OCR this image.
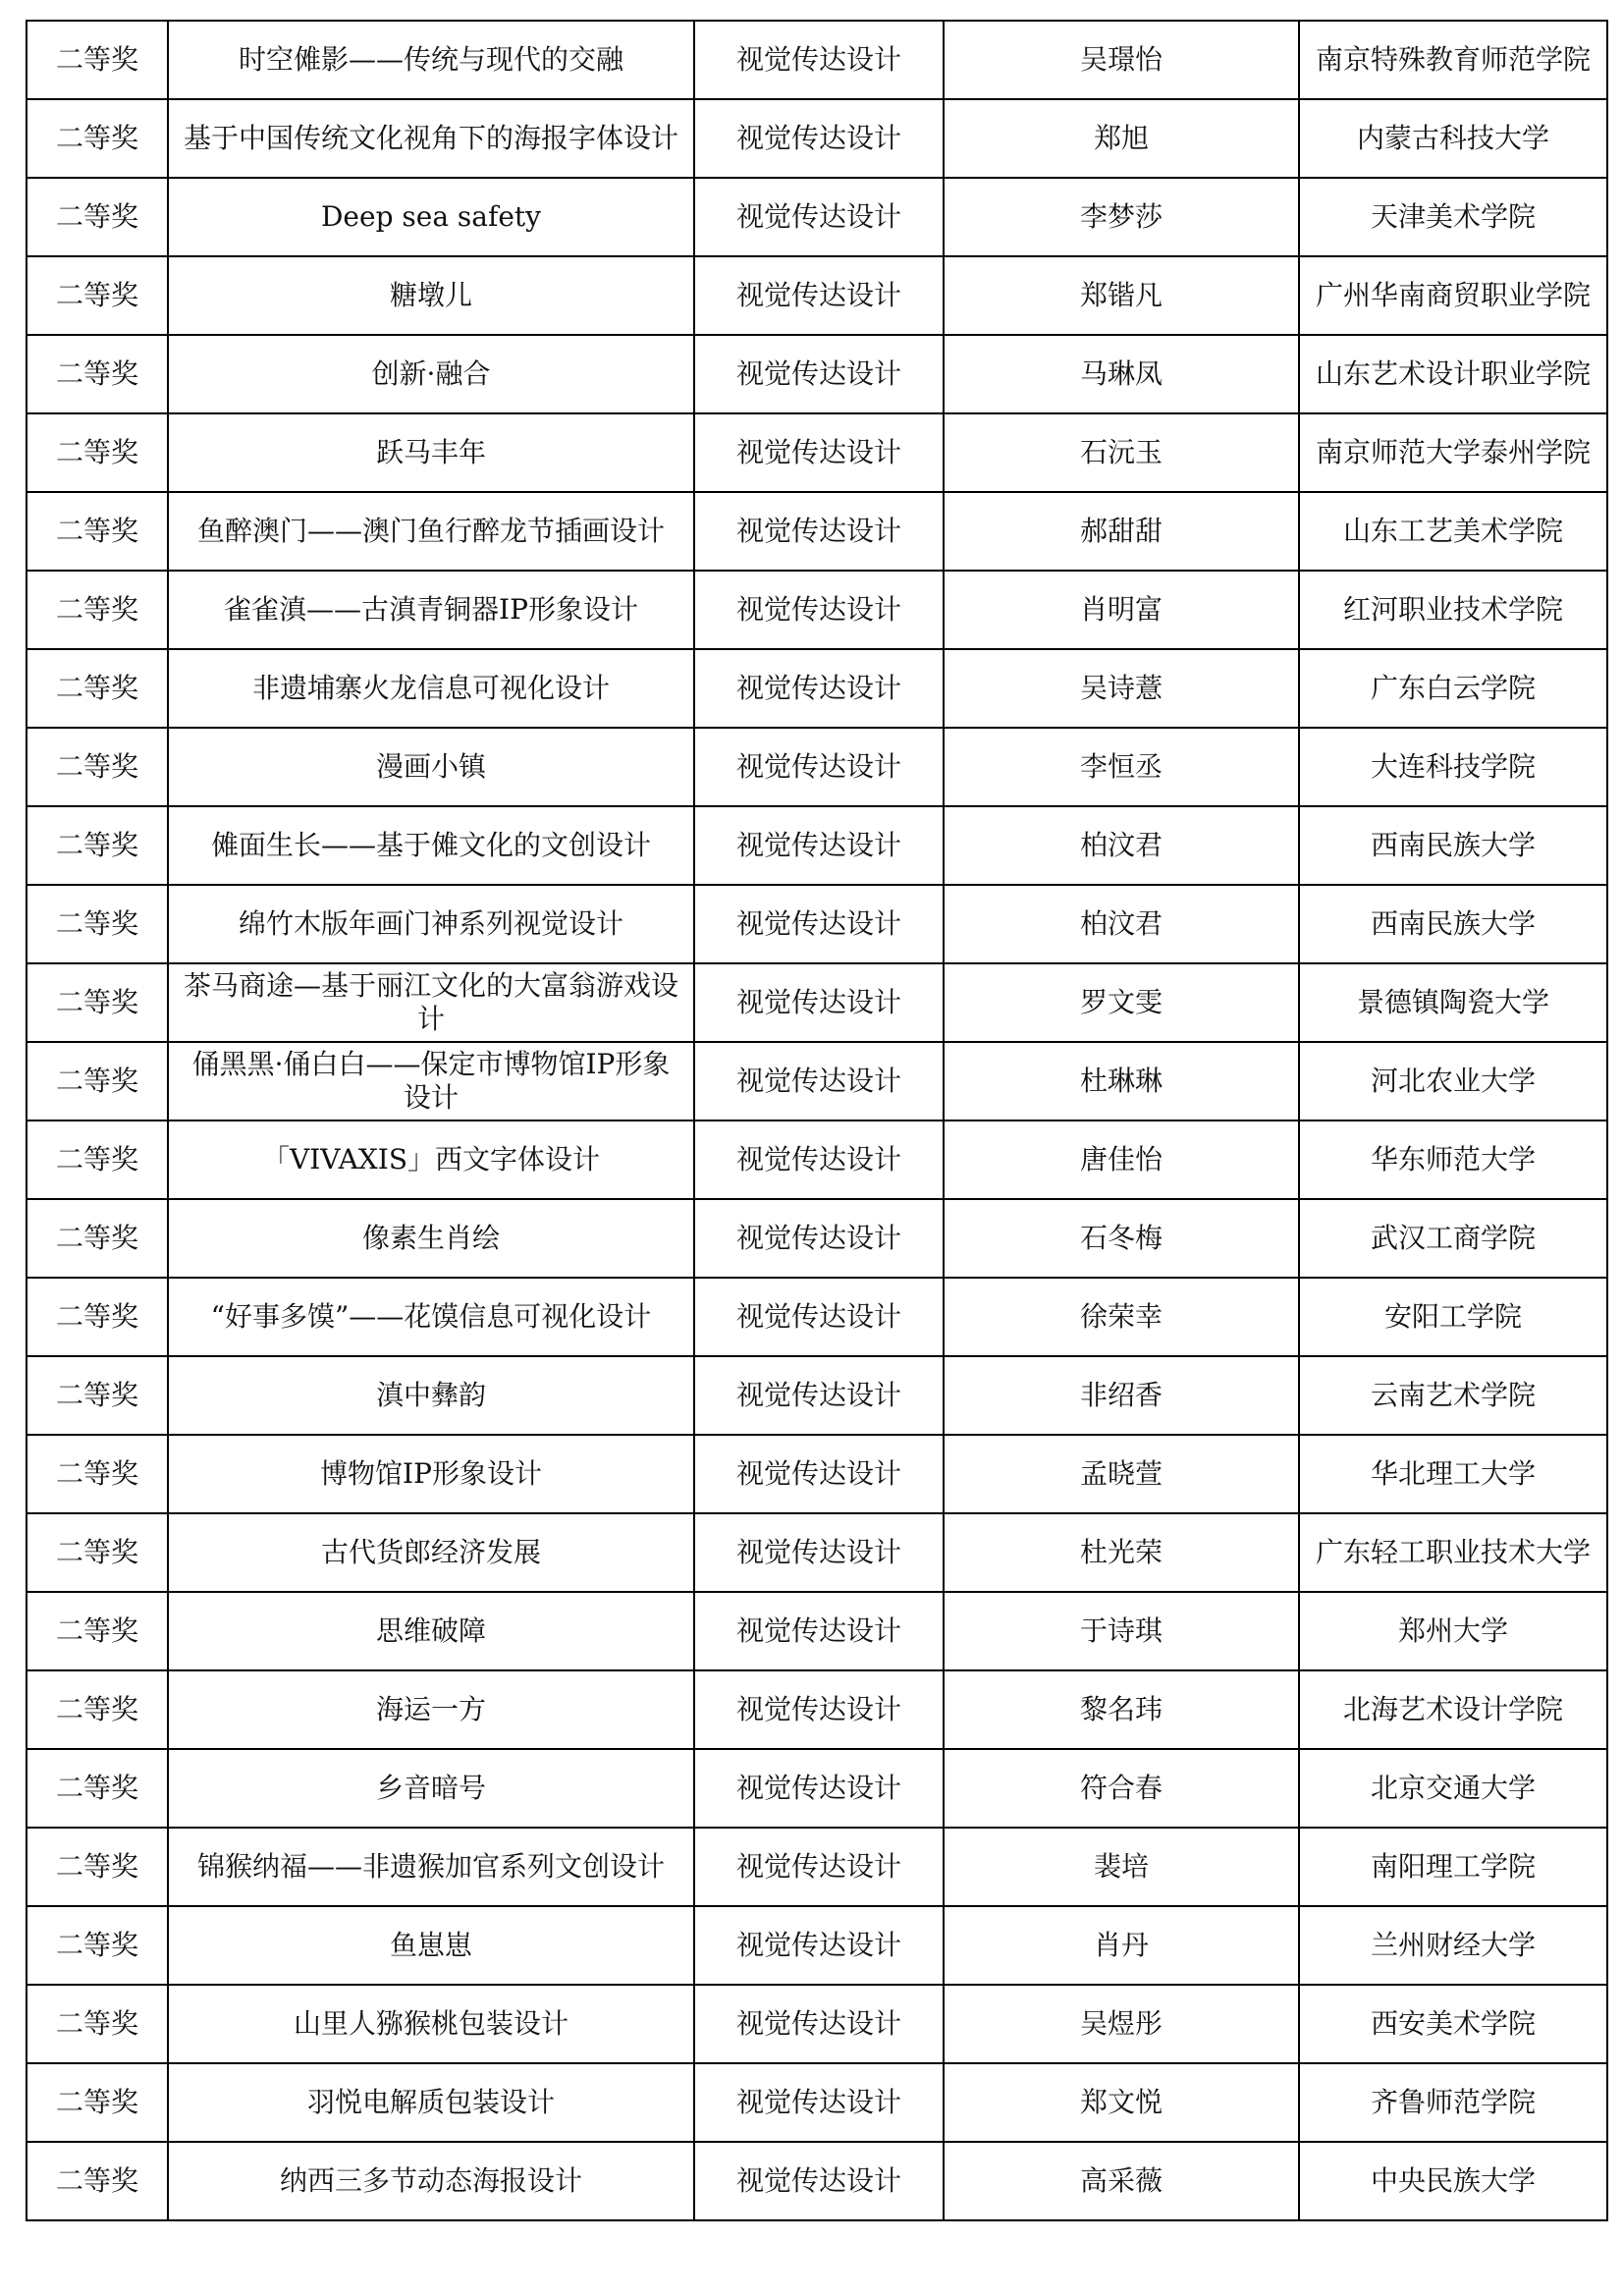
二等奖	时空傩影——传统与现代的交融	视觉传达设计	吴璟怡	南京特殊教育师范学院
二等奖	基于中国传统文化视角下的海报字体设计	视觉传达设计	郑旭	内蒙古科技大学
二等奖	Deep sea safety	视觉传达设计	李梦莎	天津美术学院
二等奖	糖墩儿	视觉传达设计	郑锴凡	广州华南商贸职业学院
二等奖	创新·融合	视觉传达设计	马琳凤	山东艺术设计职业学院
二等奖	跃马丰年	视觉传达设计	石沅玉	南京师范大学泰州学院
二等奖	鱼醉澳门——澳门鱼行醉龙节插画设计	视觉传达设计	郝甜甜	山东工艺美术学院
二等奖	雀雀滇——古滇青铜器IP形象设计	视觉传达设计	肖明富	红河职业技术学院
二等奖	非遗埔寨火龙信息可视化设计	视觉传达设计	吴诗薏	广东白云学院
二等奖	漫画小镇	视觉传达设计	李恒丞	大连科技学院
二等奖	傩面生长——基于傩文化的文创设计	视觉传达设计	柏汶君	西南民族大学
二等奖	绵竹木版年画门神系列视觉设计	视觉传达设计	柏汶君	西南民族大学
二等奖	茶马商途—基于丽江文化的大富翁游戏设计	视觉传达设计	罗文雯	景德镇陶瓷大学
二等奖	俑黑黑·俑白白——保定市博物馆IP形象设计	视觉传达设计	杜琳琳	河北农业大学
二等奖	「VIVAXIS」西文字体设计	视觉传达设计	唐佳怡	华东师范大学
二等奖	像素生肖绘	视觉传达设计	石冬梅	武汉工商学院
二等奖	“好事多馍”——花馍信息可视化设计	视觉传达设计	徐荣幸	安阳工学院
二等奖	滇中彝韵	视觉传达设计	非绍香	云南艺术学院
二等奖	博物馆IP形象设计	视觉传达设计	孟晓萱	华北理工大学
二等奖	古代货郎经济发展	视觉传达设计	杜光荣	广东轻工职业技术大学
二等奖	思维破障	视觉传达设计	于诗琪	郑州大学
二等奖	海运一方	视觉传达设计	黎名玮	北海艺术设计学院
二等奖	乡音暗号	视觉传达设计	符合春	北京交通大学
二等奖	锦猴纳福——非遗猴加官系列文创设计	视觉传达设计	裴培	南阳理工学院
二等奖	鱼崽崽	视觉传达设计	肖丹	兰州财经大学
二等奖	山里人猕猴桃包装设计	视觉传达设计	吴煜彤	西安美术学院
二等奖	羽悦电解质包装设计	视觉传达设计	郑文悦	齐鲁师范学院
二等奖	纳西三多节动态海报设计	视觉传达设计	高采薇	中央民族大学
